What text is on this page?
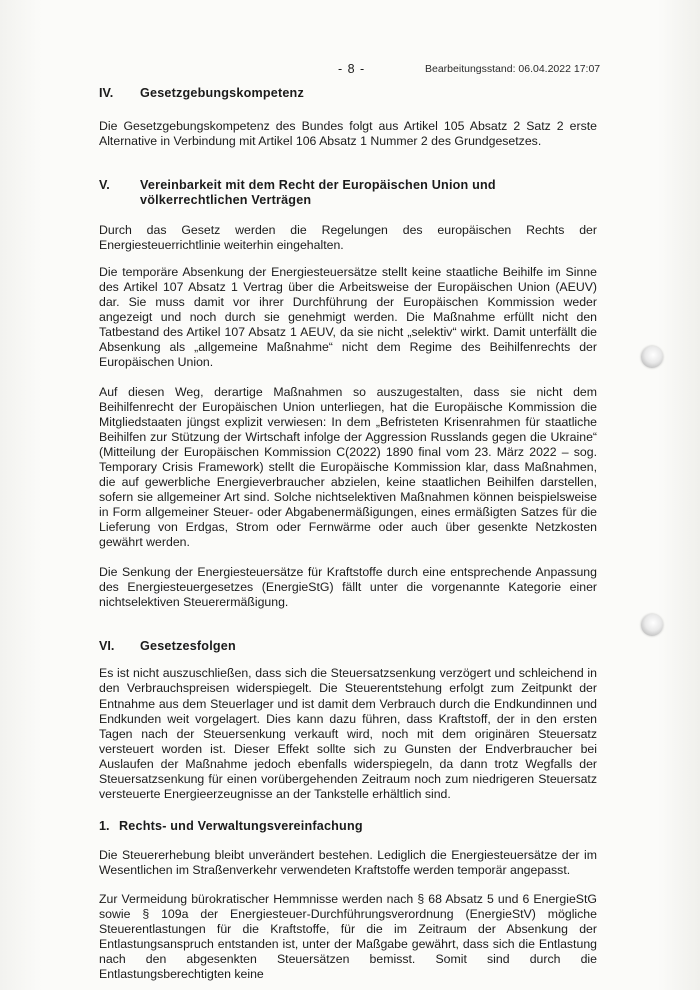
- 8 -	Bearbeitungsstand: 06.04.2022 17:07
IV.	Gesetzgebungskompetenz

Die Gesetzgebungskompetenz des Bundes folgt aus Artikel 105 Absatz 2 Satz 2 erste Alternative in Verbindung mit Artikel 106 Absatz 1 Nummer 2 des Grundgesetzes.

V.	Vereinbarkeit mit dem Recht der Europäischen Union und völkerrechtlichen Verträgen

Durch das Gesetz werden die Regelungen des europäischen Rechts der Energiesteuerrichtlinie weiterhin eingehalten.

Die temporäre Absenkung der Energiesteuersätze stellt keine staatliche Beihilfe im Sinne des Artikel 107 Absatz 1 Vertrag über die Arbeitsweise der Europäischen Union (AEUV) dar. Sie muss damit vor ihrer Durchführung der Europäischen Kommission weder angezeigt und noch durch sie genehmigt werden. Die Maßnahme erfüllt nicht den Tatbestand des Artikel 107 Absatz 1 AEUV, da sie nicht „selektiv“ wirkt. Damit unterfällt die Absenkung als „allgemeine Maßnahme“ nicht dem Regime des Beihilfenrechts der Europäischen Union.

Auf diesen Weg, derartige Maßnahmen so auszugestalten, dass sie nicht dem Beihilfenrecht der Europäischen Union unterliegen, hat die Europäische Kommission die Mitgliedstaaten jüngst explizit verwiesen: In dem „Befristeten Krisenrahmen für staatliche Beihilfen zur Stützung der Wirtschaft infolge der Aggression Russlands gegen die Ukraine“ (Mitteilung der Europäischen Kommission C(2022) 1890 final vom 23. März 2022 – sog. Temporary Crisis Framework) stellt die Europäische Kommission klar, dass Maßnahmen, die auf gewerbliche Energieverbraucher abzielen, keine staatlichen Beihilfen darstellen, sofern sie allgemeiner Art sind. Solche nichtselektiven Maßnahmen können beispielsweise in Form allgemeiner Steuer- oder Abgabenermäßigungen, eines ermäßigten Satzes für die Lieferung von Erdgas, Strom oder Fernwärme oder auch über gesenkte Netzkosten gewährt werden.

Die Senkung der Energiesteuersätze für Kraftstoffe durch eine entsprechende Anpassung des Energiesteuergesetzes (EnergieStG) fällt unter die vorgenannte Kategorie einer nichtselektiven Steuerermäßigung.

VI.	Gesetzesfolgen

Es ist nicht auszuschließen, dass sich die Steuersatzsenkung verzögert und schleichend in den Verbrauchspreisen widerspiegelt. Die Steuerentstehung erfolgt zum Zeitpunkt der Entnahme aus dem Steuerlager und ist damit dem Verbrauch durch die Endkundinnen und Endkunden weit vorgelagert. Dies kann dazu führen, dass Kraftstoff, der in den ersten Tagen nach der Steuersenkung verkauft wird, noch mit dem originären Steuersatz versteuert worden ist. Dieser Effekt sollte sich zu Gunsten der Endverbraucher bei Auslaufen der Maßnahme jedoch ebenfalls widerspiegeln, da dann trotz Wegfalls der Steuersatzsenkung für einen vorübergehenden Zeitraum noch zum niedrigeren Steuersatz versteuerte Energieerzeugnisse an der Tankstelle erhältlich sind.

1. Rechts- und Verwaltungsvereinfachung

Die Steuererhebung bleibt unverändert bestehen. Lediglich die Energiesteuersätze der im Wesentlichen im Straßenverkehr verwendeten Kraftstoffe werden temporär angepasst.

Zur Vermeidung bürokratischer Hemmnisse werden nach § 68 Absatz 5 und 6 EnergieStG sowie § 109a der Energiesteuer-Durchführungsverordnung (EnergieStV) mögliche Steuerentlastungen für die Kraftstoffe, für die im Zeitraum der Absenkung der Entlastungsanspruch entstanden ist, unter der Maßgabe gewährt, dass sich die Entlastung nach den abgesenkten Steuersätzen bemisst. Somit sind durch die Entlastungsberechtigten keine
